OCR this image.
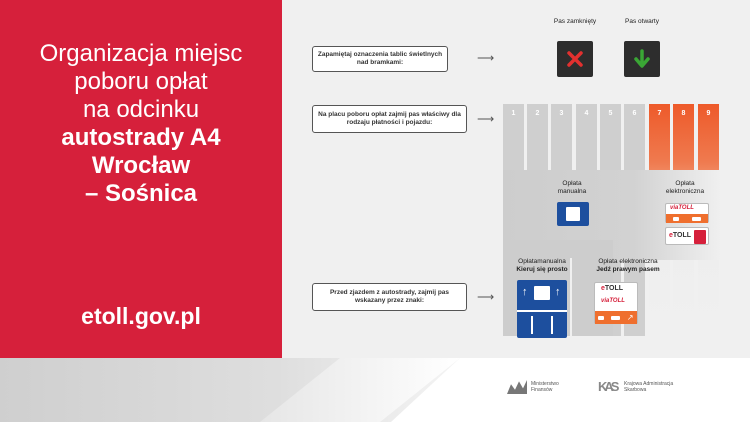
Organizacja miejsc
poboru opłat
na odcinku
autostrady A4
Wrocław
– Sośnica
etoll.gov.pl
Zapamiętaj oznaczenia tablic świetlnych nad bramkami:	⟶
Na placu poboru opłat zajmij pas właściwy dla rodzaju płatności i pojazdu:	⟶
Przed zjazdem z autostrady, zajmij pas wskazany przez znaki:	⟶
Pas zamknięty	Pas otwarty
1	2	3	4	5	6	7	8	9
Opłata manualna
Opłata elektroniczna
viaTOLL
eTOLL
Opłatamanualna
Kieruj się prosto
Opłata elektroniczna
Jedź prawym pasem
↑	↑	eTOLL
viaTOLL
↗
Ministerstwo
Finansów	KAS	Krajowa Administracja
Skarbowa
